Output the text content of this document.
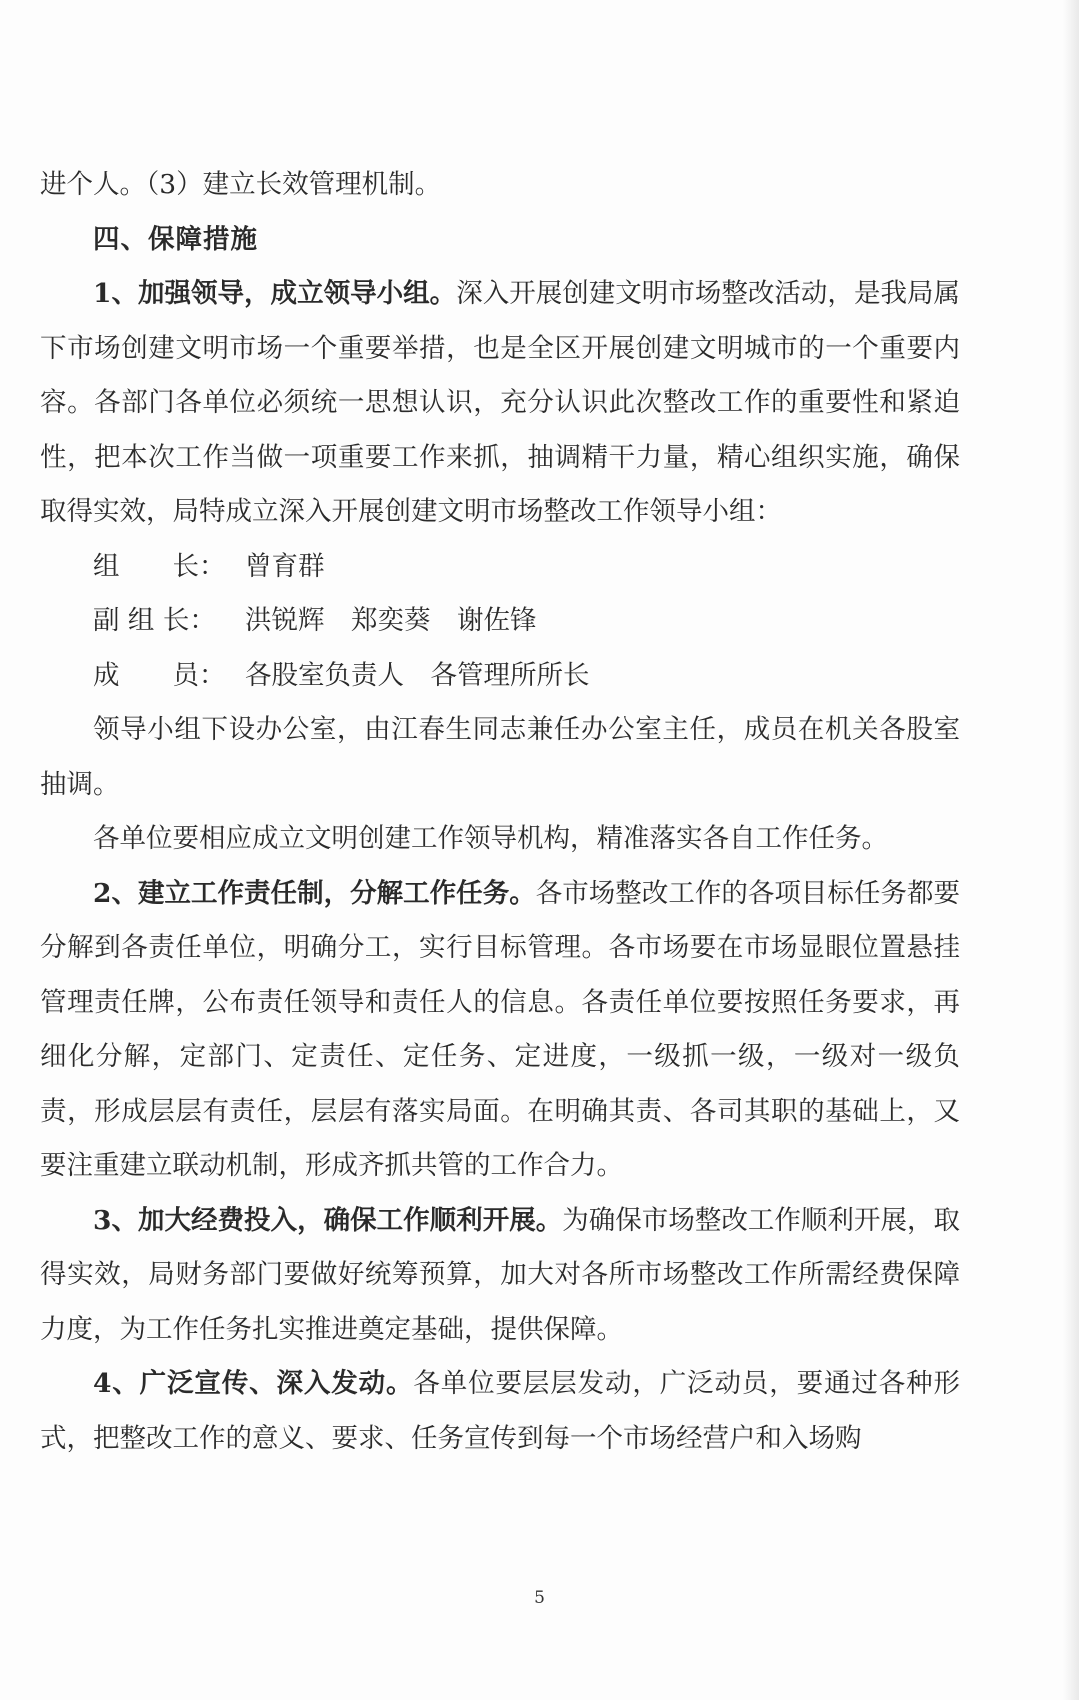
进个人。（3）建立长效管理机制。

四、保障措施

1、加强领导，成立领导小组。深入开展创建文明市场整改活动，是我局属下市场创建文明市场一个重要举措，也是全区开展创建文明城市的一个重要内容。各部门各单位必须统一思想认识，充分认识此次整改工作的重要性和紧迫性，把本次工作当做一项重要工作来抓，抽调精干力量，精心组织实施，确保取得实效，局特成立深入开展创建文明市场整改工作领导小组：

组　　长： 曾育群

副 组 长： 洪锐辉　郑奕葵　谢佐锋

成　　员： 各股室负责人　各管理所所长

领导小组下设办公室，由江春生同志兼任办公室主任，成员在机关各股室抽调。

各单位要相应成立文明创建工作领导机构，精准落实各自工作任务。

2、建立工作责任制，分解工作任务。各市场整改工作的各项目标任务都要分解到各责任单位，明确分工，实行目标管理。各市场要在市场显眼位置悬挂管理责任牌，公布责任领导和责任人的信息。各责任单位要按照任务要求，再细化分解，定部门、定责任、定任务、定进度，一级抓一级，一级对一级负责，形成层层有责任，层层有落实局面。在明确其责、各司其职的基础上，又要注重建立联动机制，形成齐抓共管的工作合力。

3、加大经费投入，确保工作顺利开展。为确保市场整改工作顺利开展，取得实效，局财务部门要做好统筹预算，加大对各所市场整改工作所需经费保障力度，为工作任务扎实推进奠定基础，提供保障。

4、广泛宣传、深入发动。各单位要层层发动，广泛动员，要通过各种形式，把整改工作的意义、要求、任务宣传到每一个市场经营户和入场购

5
